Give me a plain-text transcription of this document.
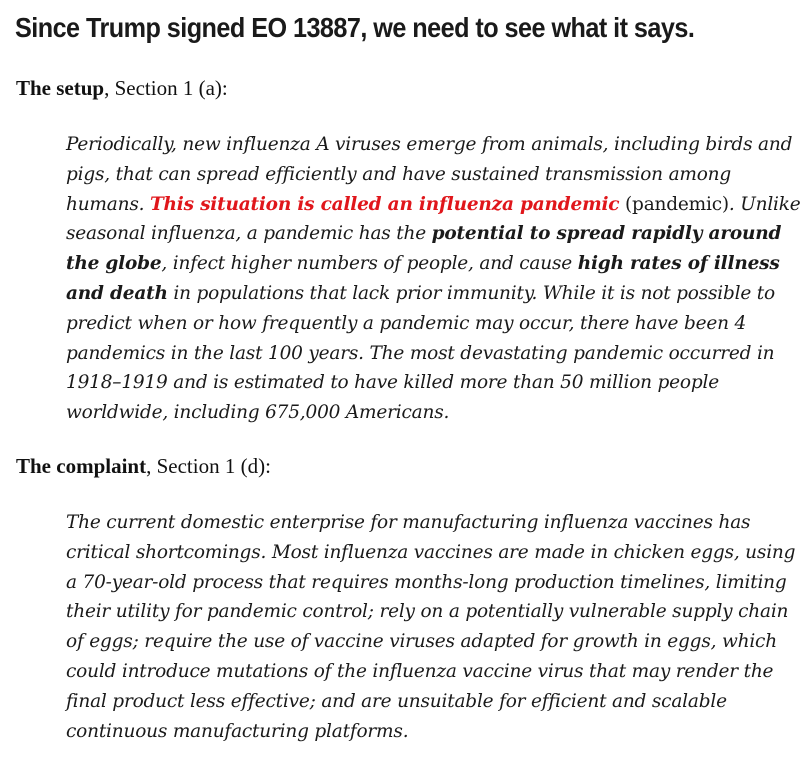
Since Trump signed EO 13887, we need to see what it says.

The setup, Section 1 (a):

Periodically, new influenza A viruses emerge from animals, including birds and
pigs, that can spread efficiently and have sustained transmission among
humans. This situation is called an influenza pandemic (pandemic). Unlike
seasonal influenza, a pandemic has the potential to spread rapidly around
the globe, infect higher numbers of people, and cause high rates of illness
and death in populations that lack prior immunity. While it is not possible to
predict when or how frequently a pandemic may occur, there have been 4
pandemics in the last 100 years. The most devastating pandemic occurred in
1918–1919 and is estimated to have killed more than 50 million people
worldwide, including 675,000 Americans.

The complaint, Section 1 (d):

The current domestic enterprise for manufacturing influenza vaccines has
critical shortcomings. Most influenza vaccines are made in chicken eggs, using
a 70-year-old process that requires months-long production timelines, limiting
their utility for pandemic control; rely on a potentially vulnerable supply chain
of eggs; require the use of vaccine viruses adapted for growth in eggs, which
could introduce mutations of the influenza vaccine virus that may render the
final product less effective; and are unsuitable for efficient and scalable
continuous manufacturing platforms.
